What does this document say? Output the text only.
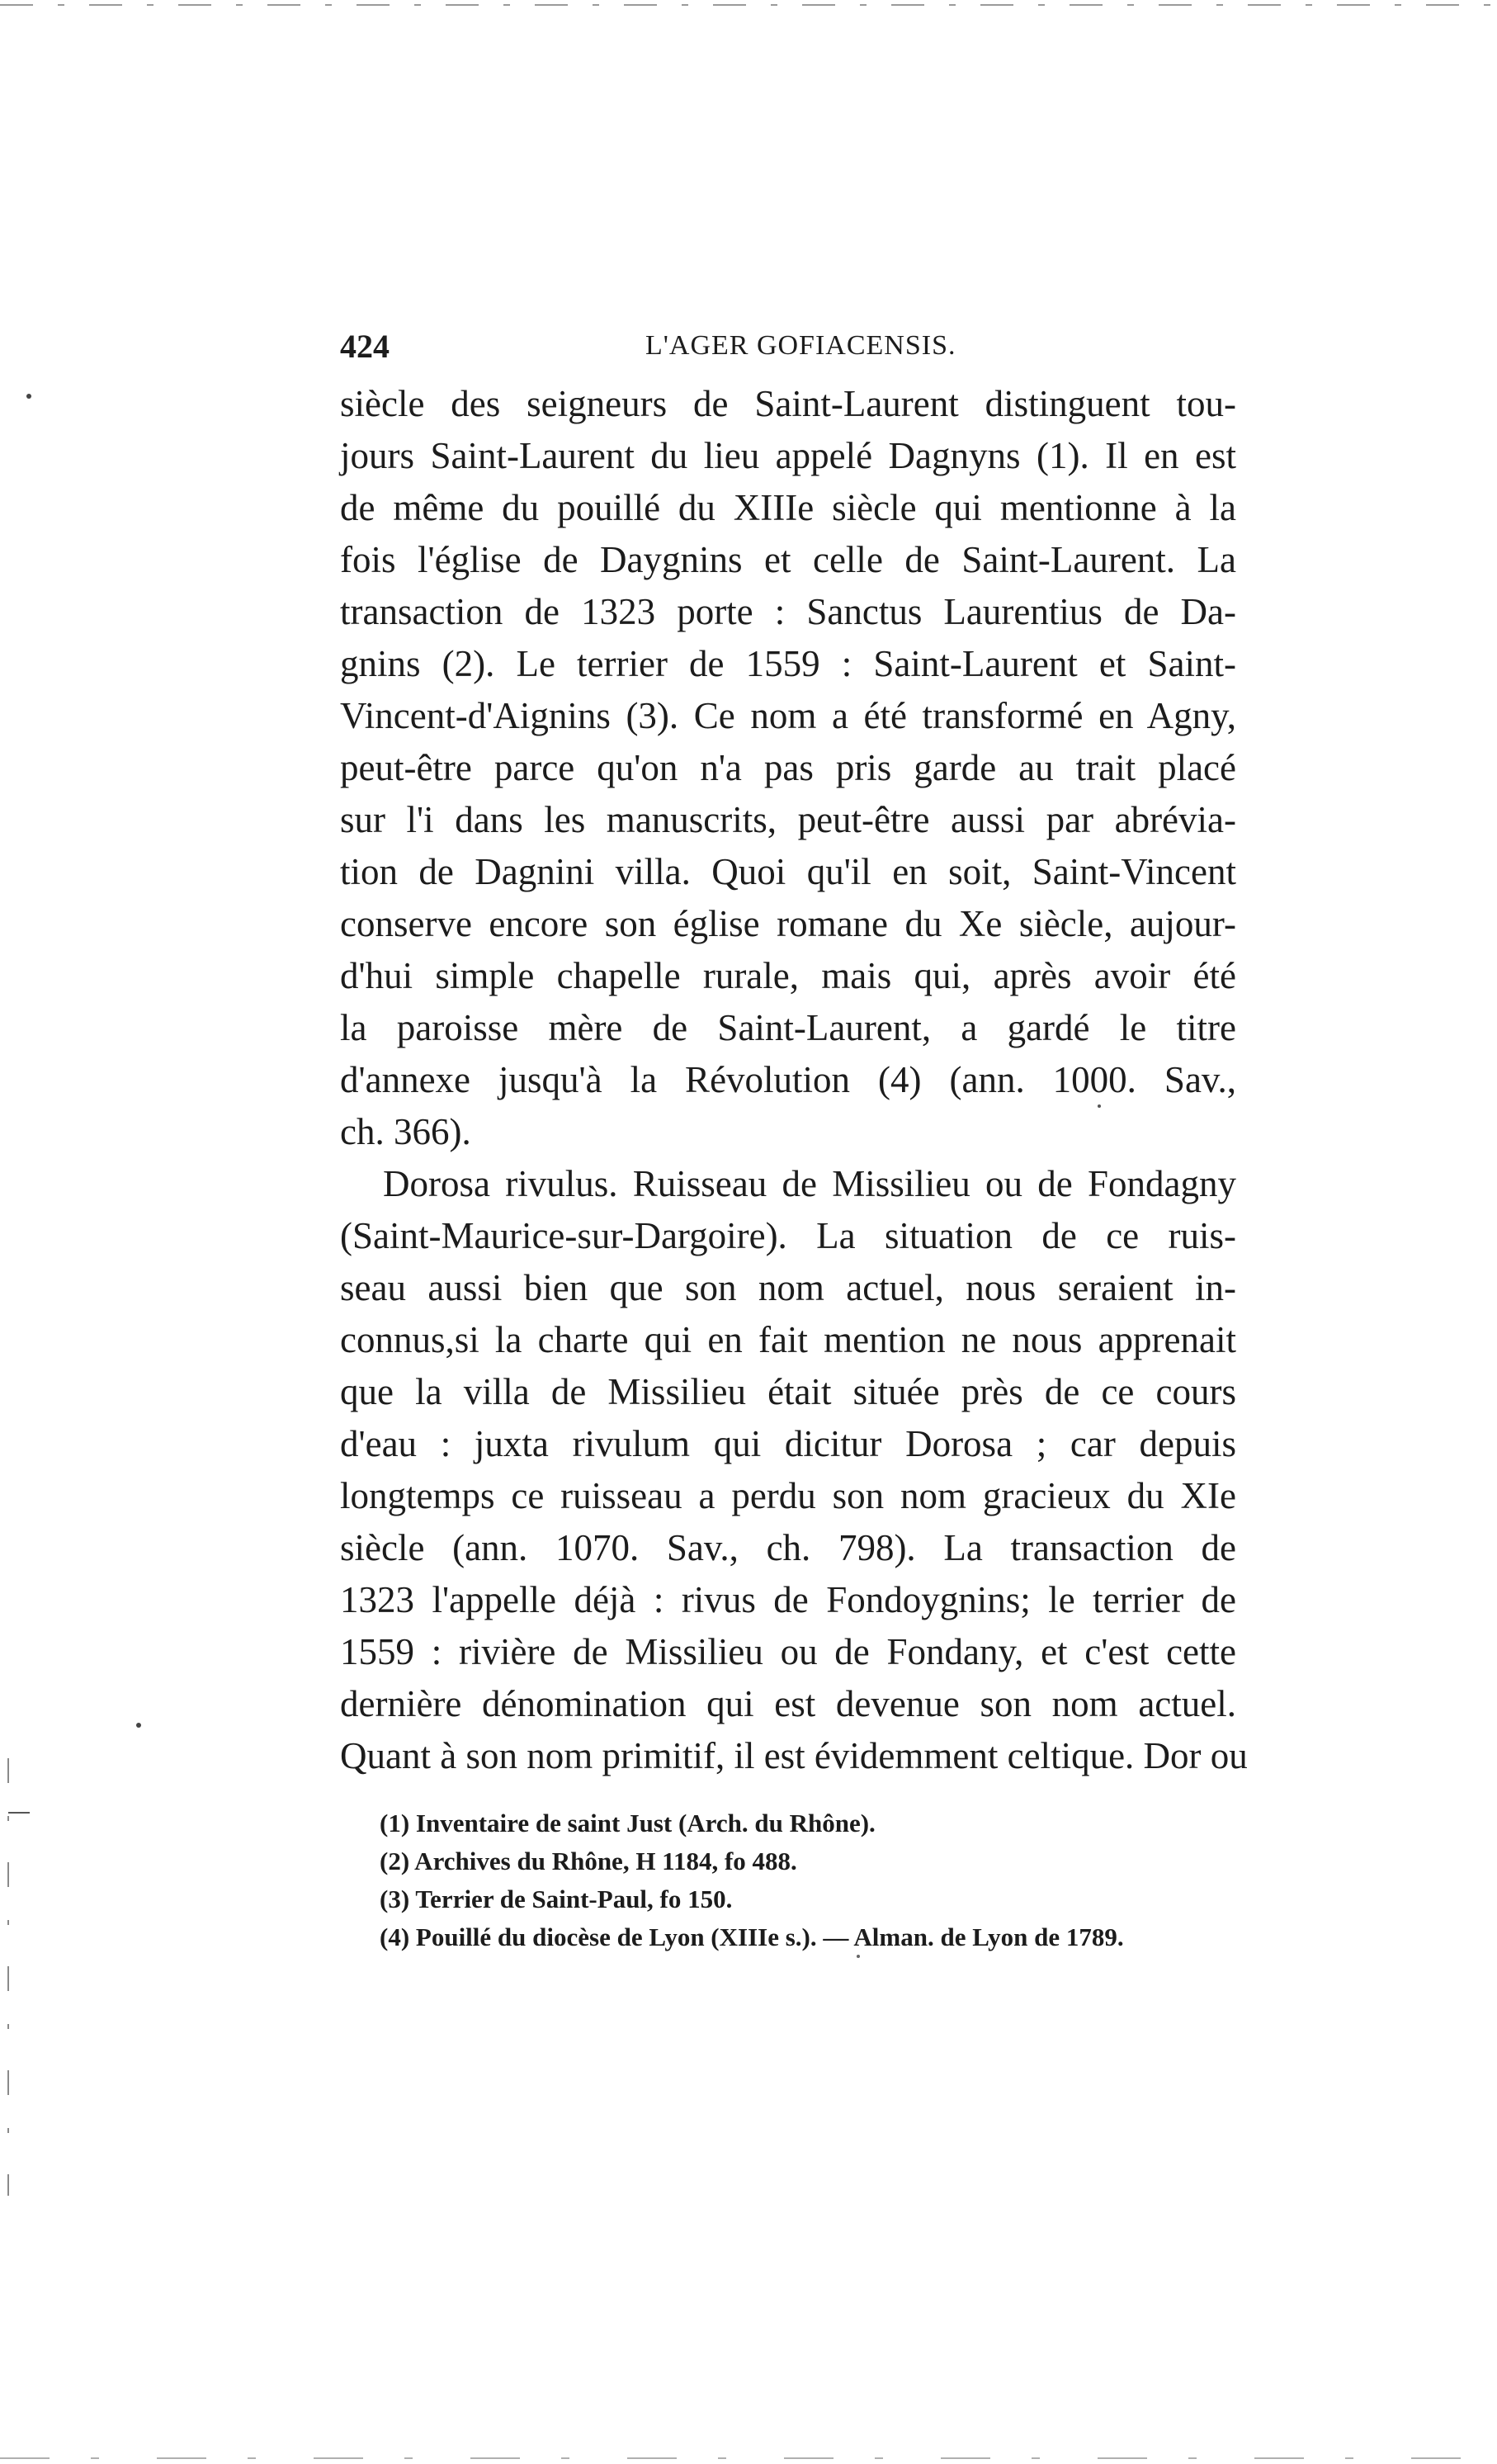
424	L'AGER GOFIACENSIS.
siècle des seigneurs de Saint-Laurent distinguent tou-
jours Saint-Laurent du lieu appelé Dagnyns (1). Il en est
de même du pouillé du XIIIe siècle qui mentionne à la
fois l'église de Daygnins et celle de Saint-Laurent. La
transaction de 1323 porte : Sanctus Laurentius de Da-
gnins (2). Le terrier de 1559 : Saint-Laurent et Saint-
Vincent-d'Aignins (3). Ce nom a été transformé en Agny,
peut-être parce qu'on n'a pas pris garde au trait placé
sur l'i dans les manuscrits, peut-être aussi par abrévia-
tion de Dagnini villa. Quoi qu'il en soit, Saint-Vincent
conserve encore son église romane du Xe siècle, aujour-
d'hui simple chapelle rurale, mais qui, après avoir été
la paroisse mère de Saint-Laurent, a gardé le titre
d'annexe jusqu'à la Révolution (4) (ann. 1000. Sav.,
ch. 366).
Dorosa rivulus. Ruisseau de Missilieu ou de Fondagny
(Saint-Maurice-sur-Dargoire). La situation de ce ruis-
seau aussi bien que son nom actuel, nous seraient in-
connus,si la charte qui en fait mention ne nous apprenait
que la villa de Missilieu était située près de ce cours
d'eau : juxta rivulum qui dicitur Dorosa ; car depuis
longtemps ce ruisseau a perdu son nom gracieux du XIe
siècle (ann. 1070. Sav., ch. 798). La transaction de
1323 l'appelle déjà : rivus de Fondoygnins; le terrier de
1559 : rivière de Missilieu ou de Fondany, et c'est cette
dernière dénomination qui est devenue son nom actuel.
Quant à son nom primitif, il est évidemment celtique. Dor ou
(1) Inventaire de saint Just (Arch. du Rhône).
(2) Archives du Rhône, H 1184, fo 488.
(3) Terrier de Saint-Paul, fo 150.
(4) Pouillé du diocèse de Lyon (XIIIe s.). — Alman. de Lyon de 1789.
